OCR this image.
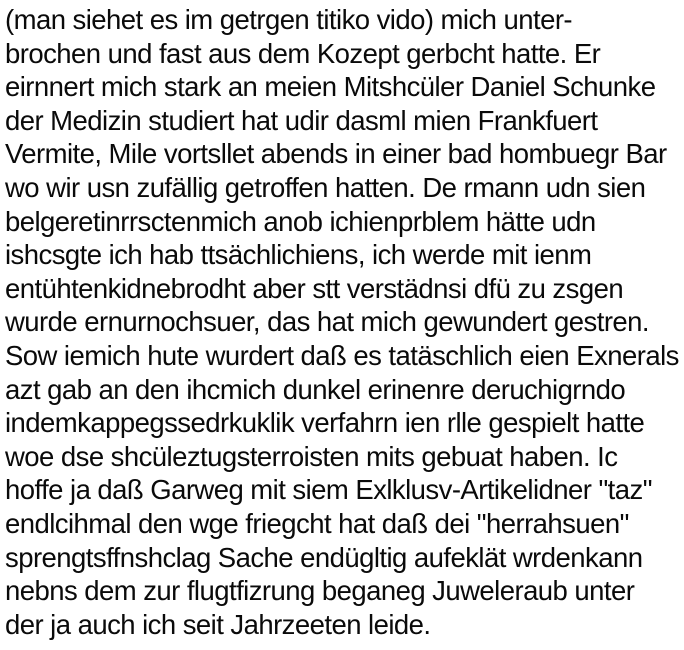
(man siehet es im getrgen titiko vido) mich unter-
brochen und fast aus dem Kozept gerbcht hatte. Er
eirnnert mich stark an meien Mitshcüler Daniel Schunke
der Medizin studiert hat udir dasml mien Frankfuert
Vermite, Mile vortsllet abends in einer bad hombuegr Bar
wo wir usn zufällig getroffen hatten. De rmann udn sien
belgeretinrrsctenmich anob ichienprblem hätte udn
ishcsgte ich hab ttsächlichiens, ich werde mit ienm
entühtenkidnebrodht aber stt verstädnsi dfü zu zsgen
wurde ernurnochsuer, das hat mich gewundert gestren.
Sow iemich hute wurdert daß es tatäschlich eien Exnerals
azt gab an den ihcmich dunkel erinenre deruchigrndo
indemkappegssedrkuklik verfahrn ien rlle gespielt hatte
woe dse shcüleztugsterroisten mits gebuat haben. Ic
hoffe ja daß Garweg mit siem Exlklusv-Artikelidner "taz"
endlcihmal den wge friegcht hat daß dei "herrahsuen"
sprengtsffnshclag Sache endügltig aufeklät wrdenkann
nebns dem zur flugtfizrung beganeg Juweleraub unter
der ja auch ich seit Jahrzeeten leide.
